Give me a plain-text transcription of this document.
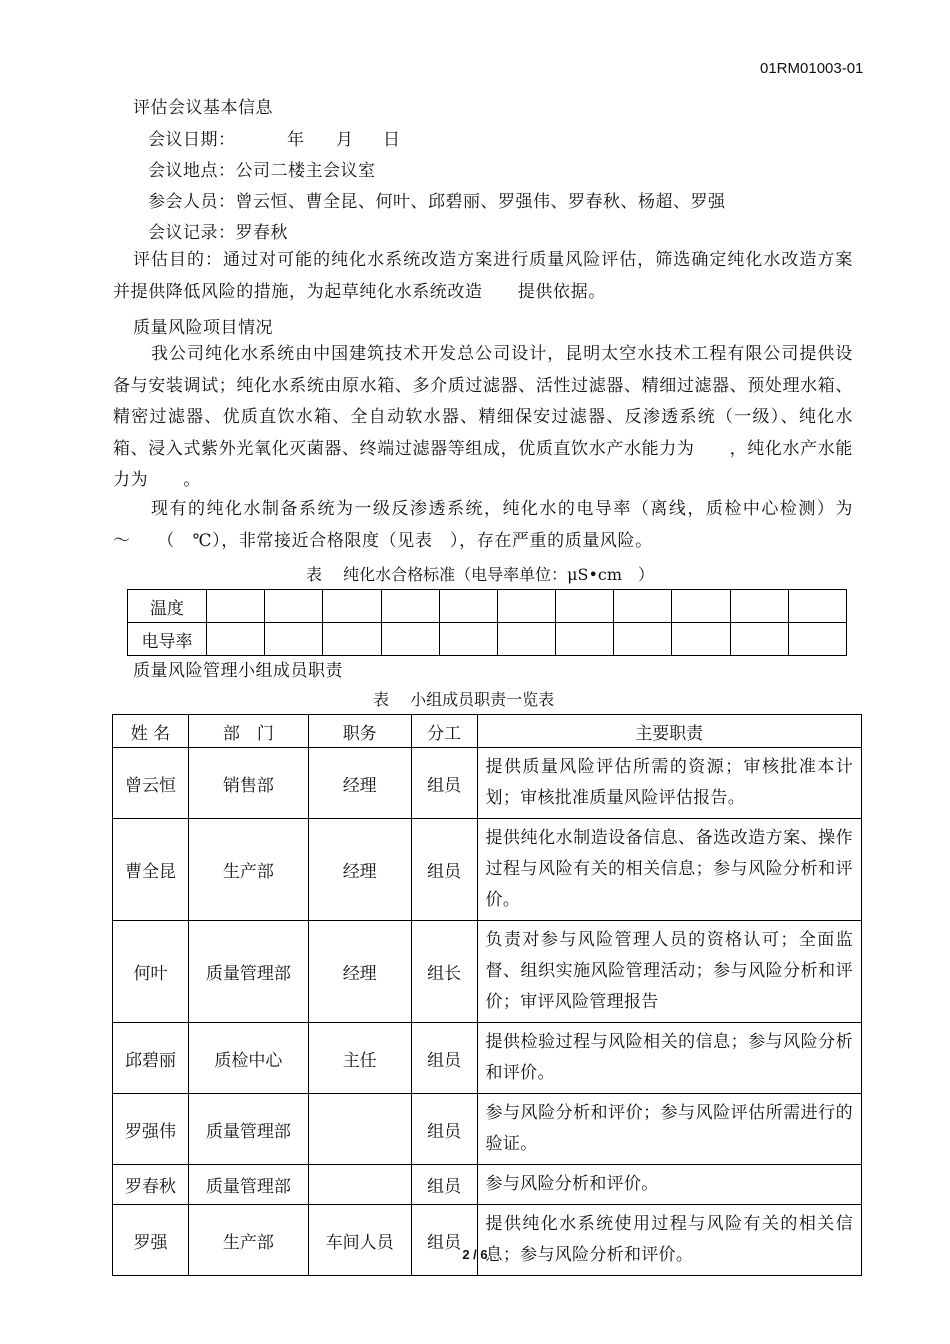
01RM01003-01
评估会议基本信息
会议日期：	年 月 日
会议地点：公司二楼主会议室
参会人员：曾云恒、曹全昆、何叶、邱碧丽、罗强伟、罗春秋、杨超、罗强
会议记录：罗春秋
评估目的：通过对可能的纯化水系统改造方案进行质量风险评估，筛选确定纯化水改造方案并提供降低风险的措施，为起草纯化水系统改造　　提供依据。
质量风险项目情况
我公司纯化水系统由中国建筑技术开发总公司设计，昆明太空水技术工程有限公司提供设备与安装调试；纯化水系统由原水箱、多介质过滤器、活性过滤器、精细过滤器、预处理水箱、精密过滤器、优质直饮水箱、全自动软水器、精细保安过滤器、反渗透系统（一级）、纯化水箱、浸入式紫外光氧化灭菌器、终端过滤器等组成，优质直饮水产水能力为　　，纯化水产水能力为　　。
现有的纯化水制备系统为一级反渗透系统，纯化水的电导率（离线，质检中心检测）为　　～　　（　℃），非常接近合格限度（见表　），存在严重的质量风险。
表　 纯化水合格标准（电导率单位：μS•cm　）
温度											
电导率											
质量风险管理小组成员职责
表　 小组成员职责一览表
姓 名	部　门	职务	分工	主要职责
曾云恒	销售部	经理	组员	提供质量风险评估所需的资源；审核批准本计划；审核批准质量风险评估报告。
曹全昆	生产部	经理	组员	提供纯化水制造设备信息、备选改造方案、操作过程与风险有关的相关信息；参与风险分析和评价。
何叶	质量管理部	经理	组长	负责对参与风险管理人员的资格认可；全面监督、组织实施风险管理活动；参与风险分析和评价；审评风险管理报告
邱碧丽	质检中心	主任	组员	提供检验过程与风险相关的信息；参与风险分析和评价。
罗强伟	质量管理部		组员	参与风险分析和评价；参与风险评估所需进行的验证。
罗春秋	质量管理部		组员	参与风险分析和评价。
罗强	生产部	车间人员	组员	提供纯化水系统使用过程与风险有关的相关信息；参与风险分析和评价。
2 / 6
